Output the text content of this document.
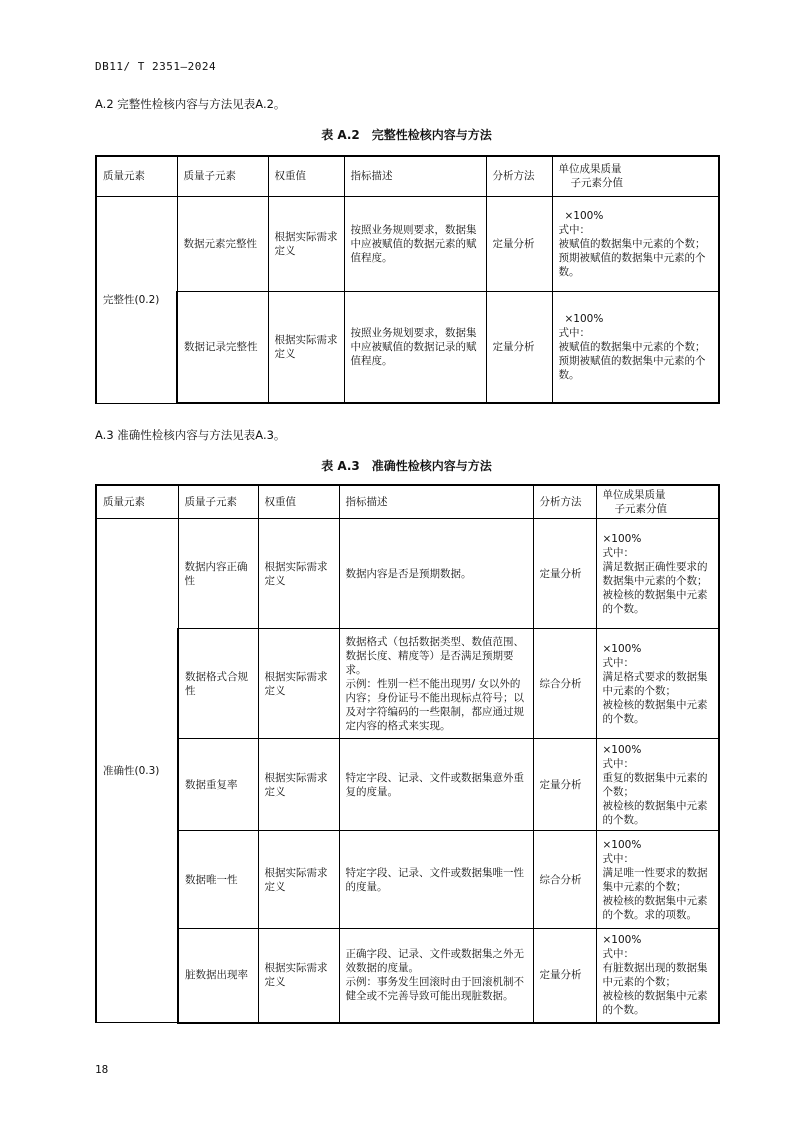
DB11/ T 2351—2024
A.2 完整性检核内容与方法见表A.2。
表 A.2　完整性检核内容与方法
质量元素	质量子元素	权重值	指标描述	分析方法	单位成果质量
子元素分值

完整性(0.2)	数据元素完整性	根据实际需求定义	按照业务规则要求，数据集中应被赋值的数据元素的赋值程度。	定量分析	×100%
式中：
被赋值的数据集中元素的个数；
预期被赋值的数据集中元素的个数。

	数据记录完整性	根据实际需求定义	按照业务规划要求，数据集中应被赋值的数据记录的赋值程度。	定量分析	×100%
式中：
被赋值的数据集中元素的个数；
预期被赋值的数据集中元素的个数。
A.3 准确性检核内容与方法见表A.3。
表 A.3　准确性检核内容与方法
质量元素	质量子元素	权重值	指标描述	分析方法	单位成果质量
子元素分值

准确性(0.3)	数据内容正确性	根据实际需求定义	数据内容是否是预期数据。	定量分析	×100%
式中：
满足数据正确性要求的数据集中元素的个数；
被检核的数据集中元素的个数。

	数据格式合规性	根据实际需求定义	数据格式（包括数据类型、数值范围、数据长度、精度等）是否满足预期要求。
示例：性别一栏不能出现男/ 女以外的内容；身份证号不能出现标点符号；以及对字符编码的一些限制，都应通过规定内容的格式来实现。	综合分析	×100%
式中：
满足格式要求的数据集中元素的个数；
被检核的数据集中元素的个数。

	数据重复率	根据实际需求定义	特定字段、记录、文件或数据集意外重复的度量。	定量分析	×100%
式中：
重复的数据集中元素的个数；
被检核的数据集中元素的个数。

	数据唯一性	根据实际需求定义	特定字段、记录、文件或数据集唯一性的度量。	综合分析	×100%
式中：
满足唯一性要求的数据集中元素的个数；
被检核的数据集中元素的个数。求的项数。

	脏数据出现率	根据实际需求定义	正确字段、记录、文件或数据集之外无效数据的度量。
示例：事务发生回滚时由于回滚机制不健全或不完善导致可能出现脏数据。	定量分析	×100%
式中：
有脏数据出现的数据集中元素的个数；
被检核的数据集中元素的个数。
18
